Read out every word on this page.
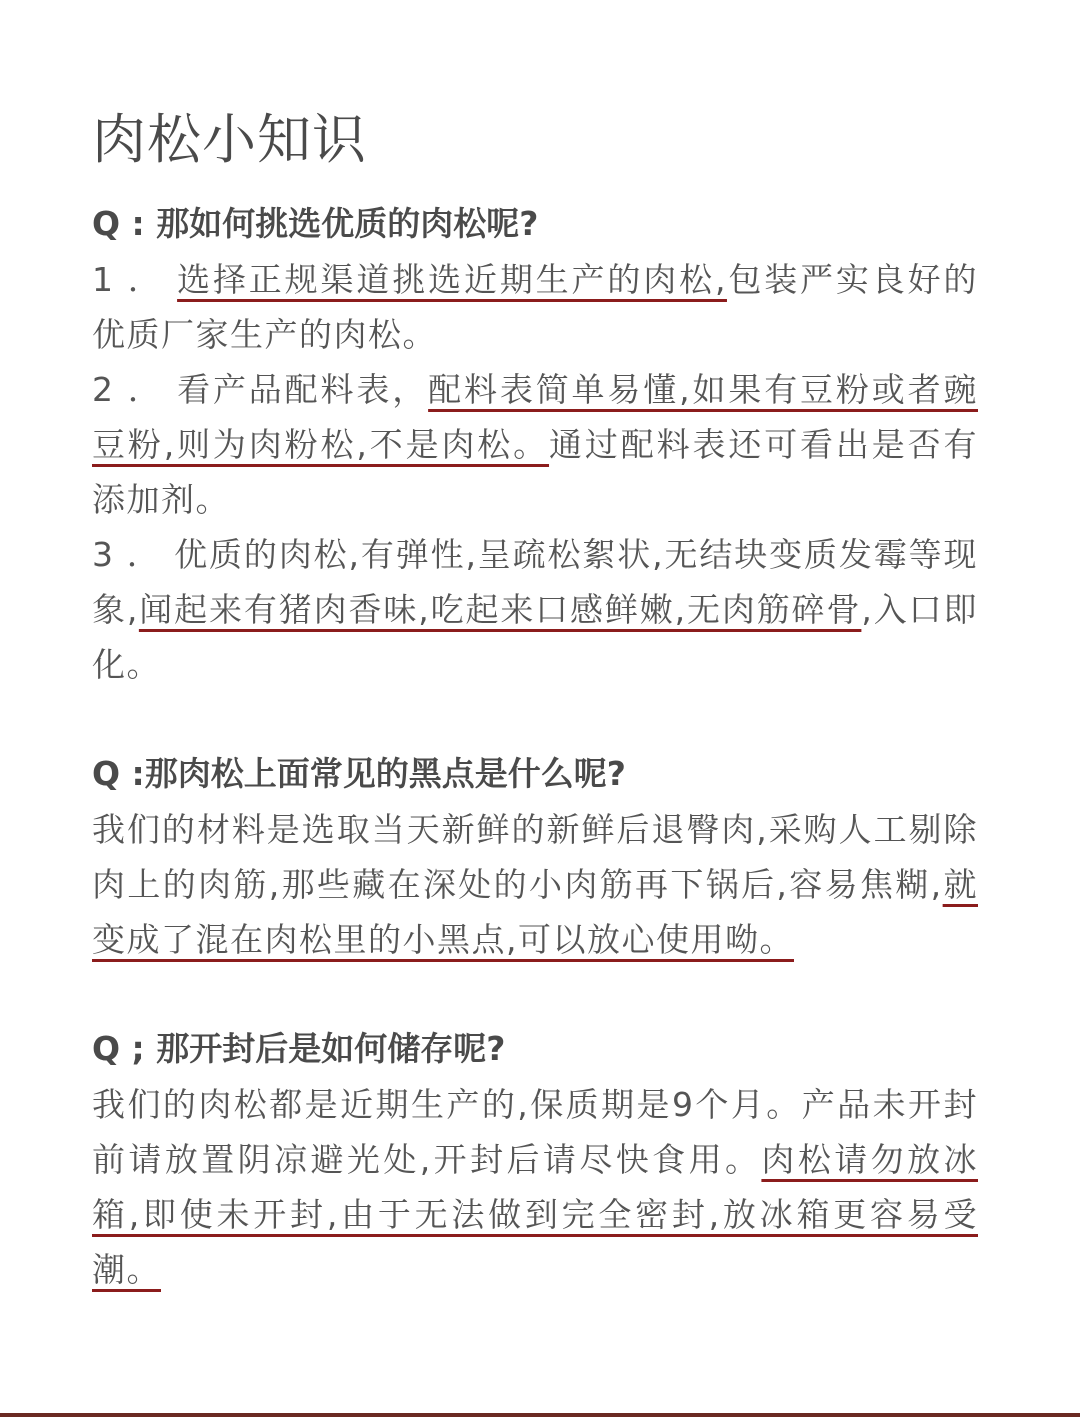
肉松小知识

Q : 那如何挑选优质的肉松呢?

1 ． 选择正规渠道挑选近期生产的肉松,包装严实良好的优质厂家生产的肉松。

2 ． 看产品配料表，配料表简单易懂,如果有豆粉或者豌豆粉,则为肉粉松,不是肉松。通过配料表还可看出是否有添加剂。

3 ． 优质的肉松,有弹性,呈疏松絮状,无结块变质发霉等现象,闻起来有猪肉香味,吃起来口感鲜嫩,无肉筋碎骨,入口即化。

Q :那肉松上面常见的黑点是什么呢?

我们的材料是选取当天新鲜的新鲜后退臀肉,采购人工剔除肉上的肉筋,那些藏在深处的小肉筋再下锅后,容易焦糊,就变成了混在肉松里的小黑点,可以放心使用呦。

Q ; 那开封后是如何储存呢?

我们的肉松都是近期生产的,保质期是9个月。产品未开封前请放置阴凉避光处,开封后请尽快食用。肉松请勿放冰箱,即使未开封,由于无法做到完全密封,放冰箱更容易受潮。
